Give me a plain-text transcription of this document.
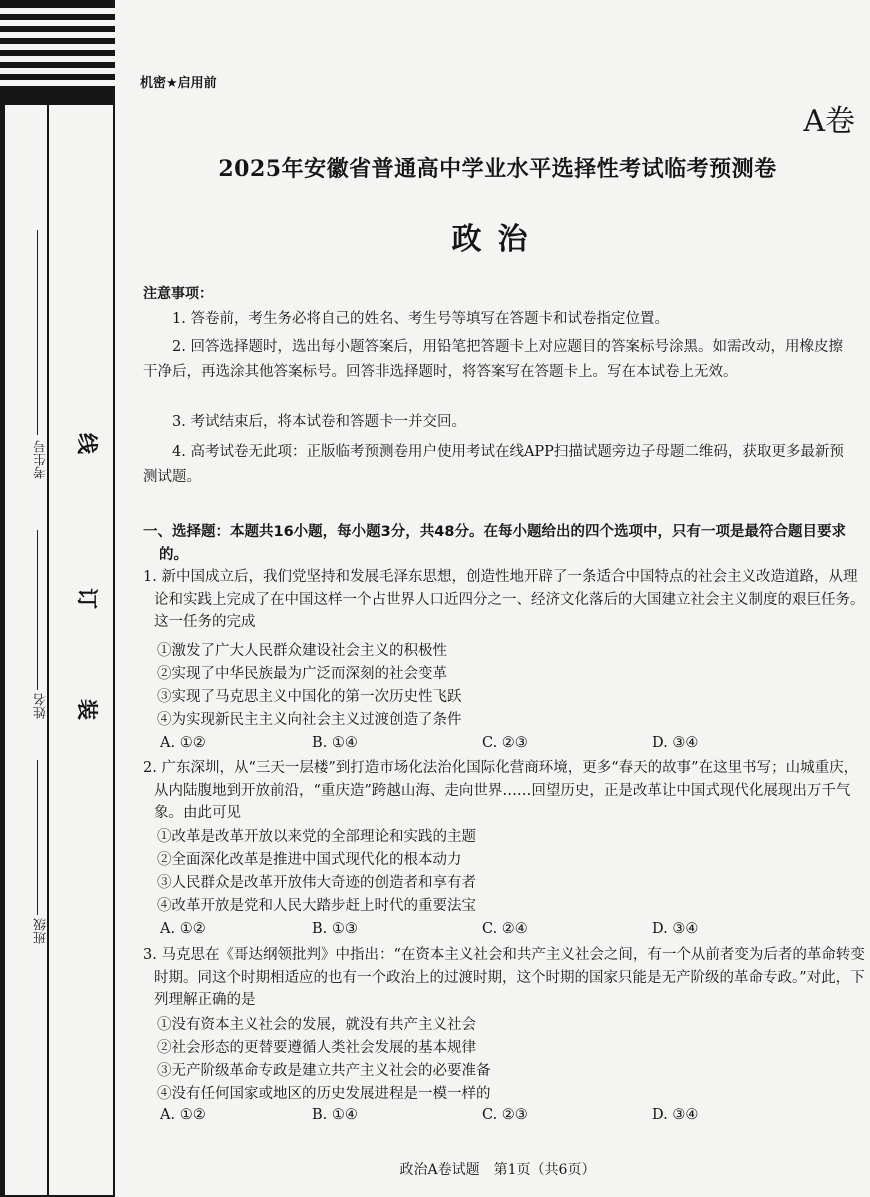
考生号
姓名
班级
线
订
装
机密★启用前
A卷
2025年安徽省普通高中学业水平选择性考试临考预测卷
政治
注意事项：
1. 答卷前，考生务必将自己的姓名、考生号等填写在答题卡和试卷指定位置。
2. 回答选择题时，选出每小题答案后，用铅笔把答题卡上对应题目的答案标号涂黑。如需改动，用橡皮擦干净后，再选涂其他答案标号。回答非选择题时，将答案写在答题卡上。写在本试卷上无效。
3. 考试结束后，将本试卷和答题卡一并交回。
4. 高考试卷无此项：正版临考预测卷用户使用考试在线APP扫描试题旁边子母题二维码，获取更多最新预测试题。
一、选择题：本题共16小题，每小题3分，共48分。在每小题给出的四个选项中，只有一项是最符合题目要求的。
1. 新中国成立后，我们党坚持和发展毛泽东思想，创造性地开辟了一条适合中国特点的社会主义改造道路，从理论和实践上完成了在中国这样一个占世界人口近四分之一、经济文化落后的大国建立社会主义制度的艰巨任务。这一任务的完成
①激发了广大人民群众建设社会主义的积极性
②实现了中华民族最为广泛而深刻的社会变革
③实现了马克思主义中国化的第一次历史性飞跃
④为实现新民主主义向社会主义过渡创造了条件
A. ①②	B. ①④	C. ②③	D. ③④
2. 广东深圳，从“三天一层楼”到打造市场化法治化国际化营商环境，更多“春天的故事”在这里书写；山城重庆，从内陆腹地到开放前沿，“重庆造”跨越山海、走向世界……回望历史，正是改革让中国式现代化展现出万千气象。由此可见
①改革是改革开放以来党的全部理论和实践的主题
②全面深化改革是推进中国式现代化的根本动力
③人民群众是改革开放伟大奇迹的创造者和享有者
④改革开放是党和人民大踏步赶上时代的重要法宝
A. ①②	B. ①③	C. ②④	D. ③④
3. 马克思在《哥达纲领批判》中指出：“在资本主义社会和共产主义社会之间，有一个从前者变为后者的革命转变时期。同这个时期相适应的也有一个政治上的过渡时期，这个时期的国家只能是无产阶级的革命专政。”对此，下列理解正确的是
①没有资本主义社会的发展，就没有共产主义社会
②社会形态的更替要遵循人类社会发展的基本规律
③无产阶级革命专政是建立共产主义社会的必要准备
④没有任何国家或地区的历史发展进程是一模一样的
A. ①②	B. ①④	C. ②③	D. ③④
政治A卷试题　第1页（共6页）
